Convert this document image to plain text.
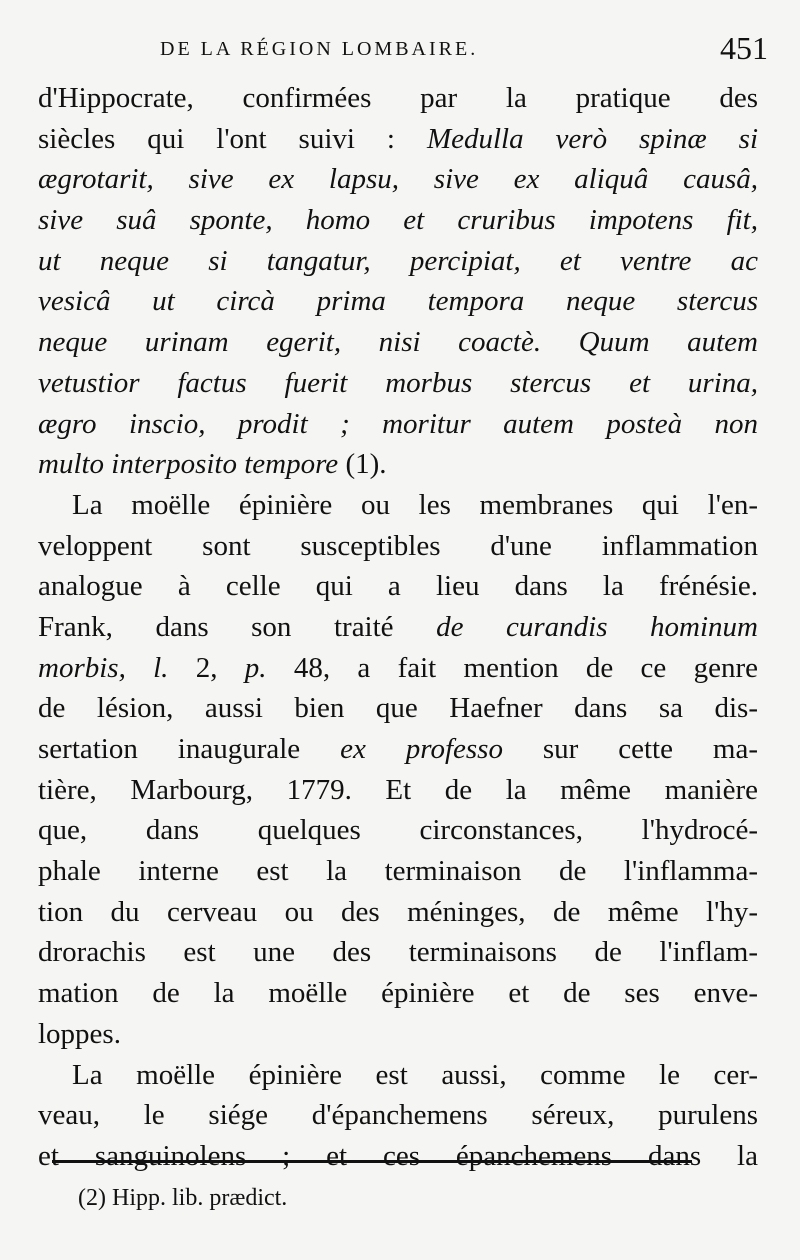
DE LA RÉGION LOMBAIRE.	451
d'Hippocrate, confirmées par la pratique des
siècles qui l'ont suivi : Medulla verò spinæ si
ægrotarit, sive ex lapsu, sive ex aliquâ causâ,
sive suâ sponte, homo et cruribus impotens fit,
ut neque si tangatur, percipiat, et ventre ac
vesicâ ut circà prima tempora neque stercus
neque urinam egerit, nisi coactè. Quum autem
vetustior factus fuerit morbus stercus et urina,
ægro inscio, prodit ; moritur autem posteà non
multo interposito tempore (1).
La moëlle épinière ou les membranes qui l'en-
veloppent sont susceptibles d'une inflammation
analogue à celle qui a lieu dans la frénésie.
Frank, dans son traité de curandis hominum
morbis, l. 2, p. 48, a fait mention de ce genre
de lésion, aussi bien que Haefner dans sa dis-
sertation inaugurale ex professo sur cette ma-
tière, Marbourg, 1779. Et de la même manière
que, dans quelques circonstances, l'hydrocé-
phale interne est la terminaison de l'inflamma-
tion du cerveau ou des méninges, de même l'hy-
drorachis est une des terminaisons de l'inflam-
mation de la moëlle épinière et de ses enve-
loppes.
La moëlle épinière est aussi, comme le cer-
veau, le siége d'épanchemens séreux, purulens
et sanguinolens ; et ces épanchemens dans la
(2) Hipp. lib. prædict.
